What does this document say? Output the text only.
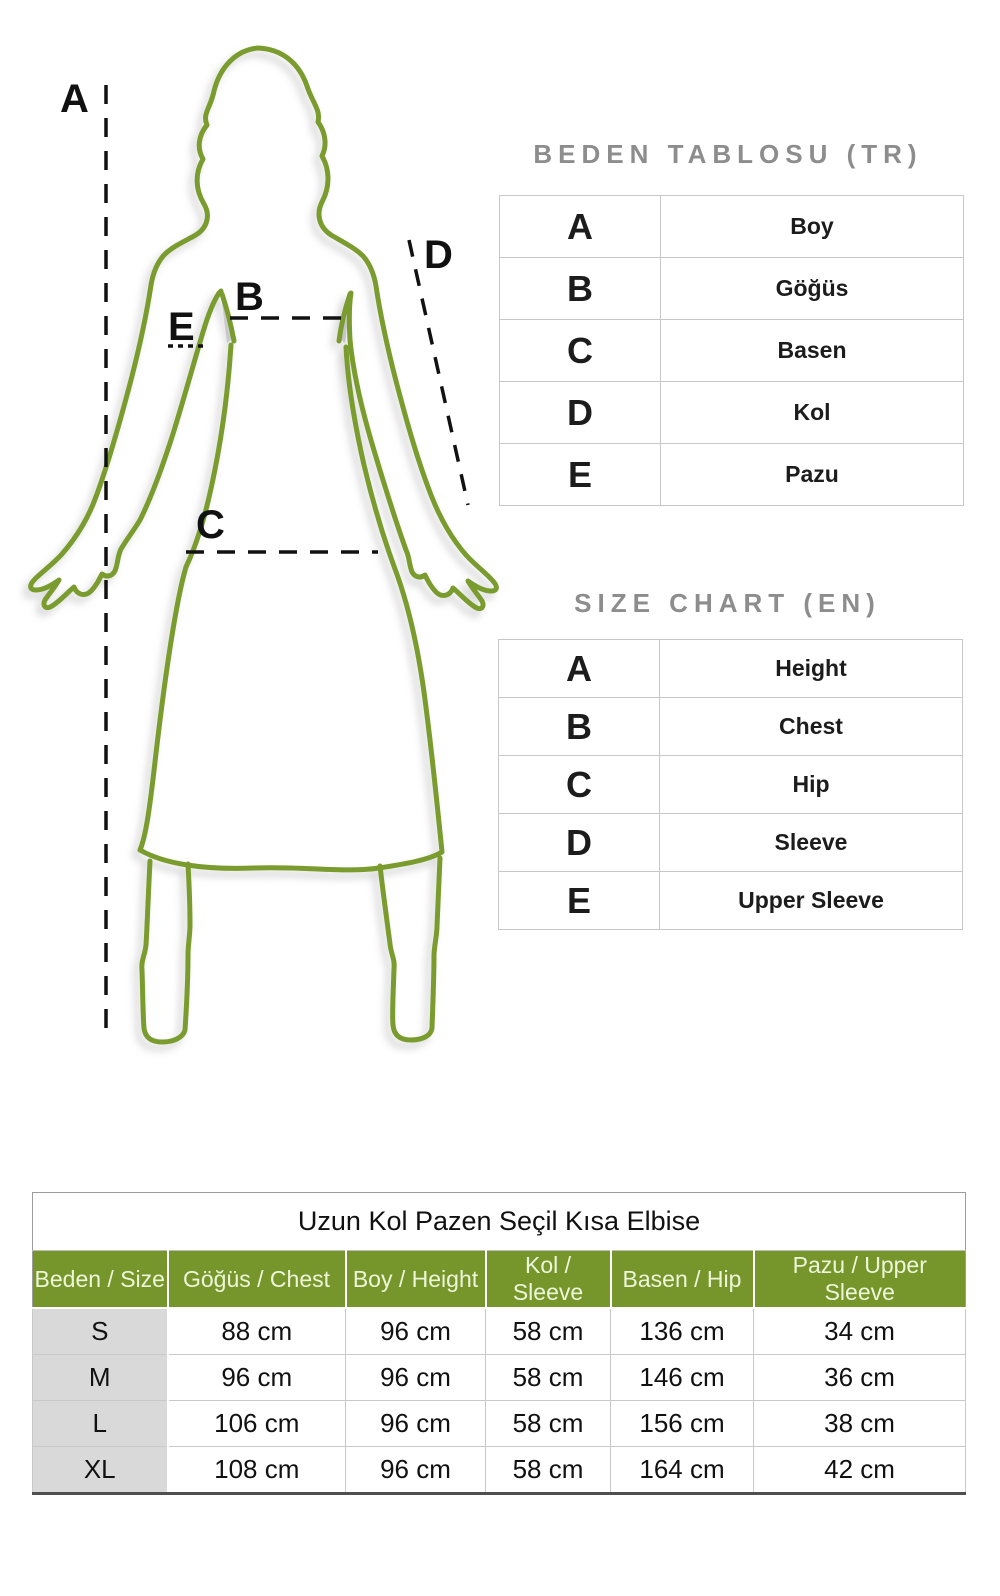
A
B
C
D
E
BEDEN TABLOSU (TR)
A	Boy
B	Göğüs
C	Basen
D	Kol
E	Pazu
SIZE CHART (EN)
A	Height
B	Chest
C	Hip
D	Sleeve
E	Upper Sleeve
Uzun Kol Pazen Seçil Kısa Elbise					
Beden / Size	Göğüs / Chest	Boy / Height	Kol / Sleeve	Basen / Hip	Pazu / Upper Sleeve
S	88 cm	96 cm	58 cm	136 cm	34 cm
M	96 cm	96 cm	58 cm	146 cm	36 cm
L	106 cm	96 cm	58 cm	156 cm	38 cm
XL	108 cm	96 cm	58 cm	164 cm	42 cm
